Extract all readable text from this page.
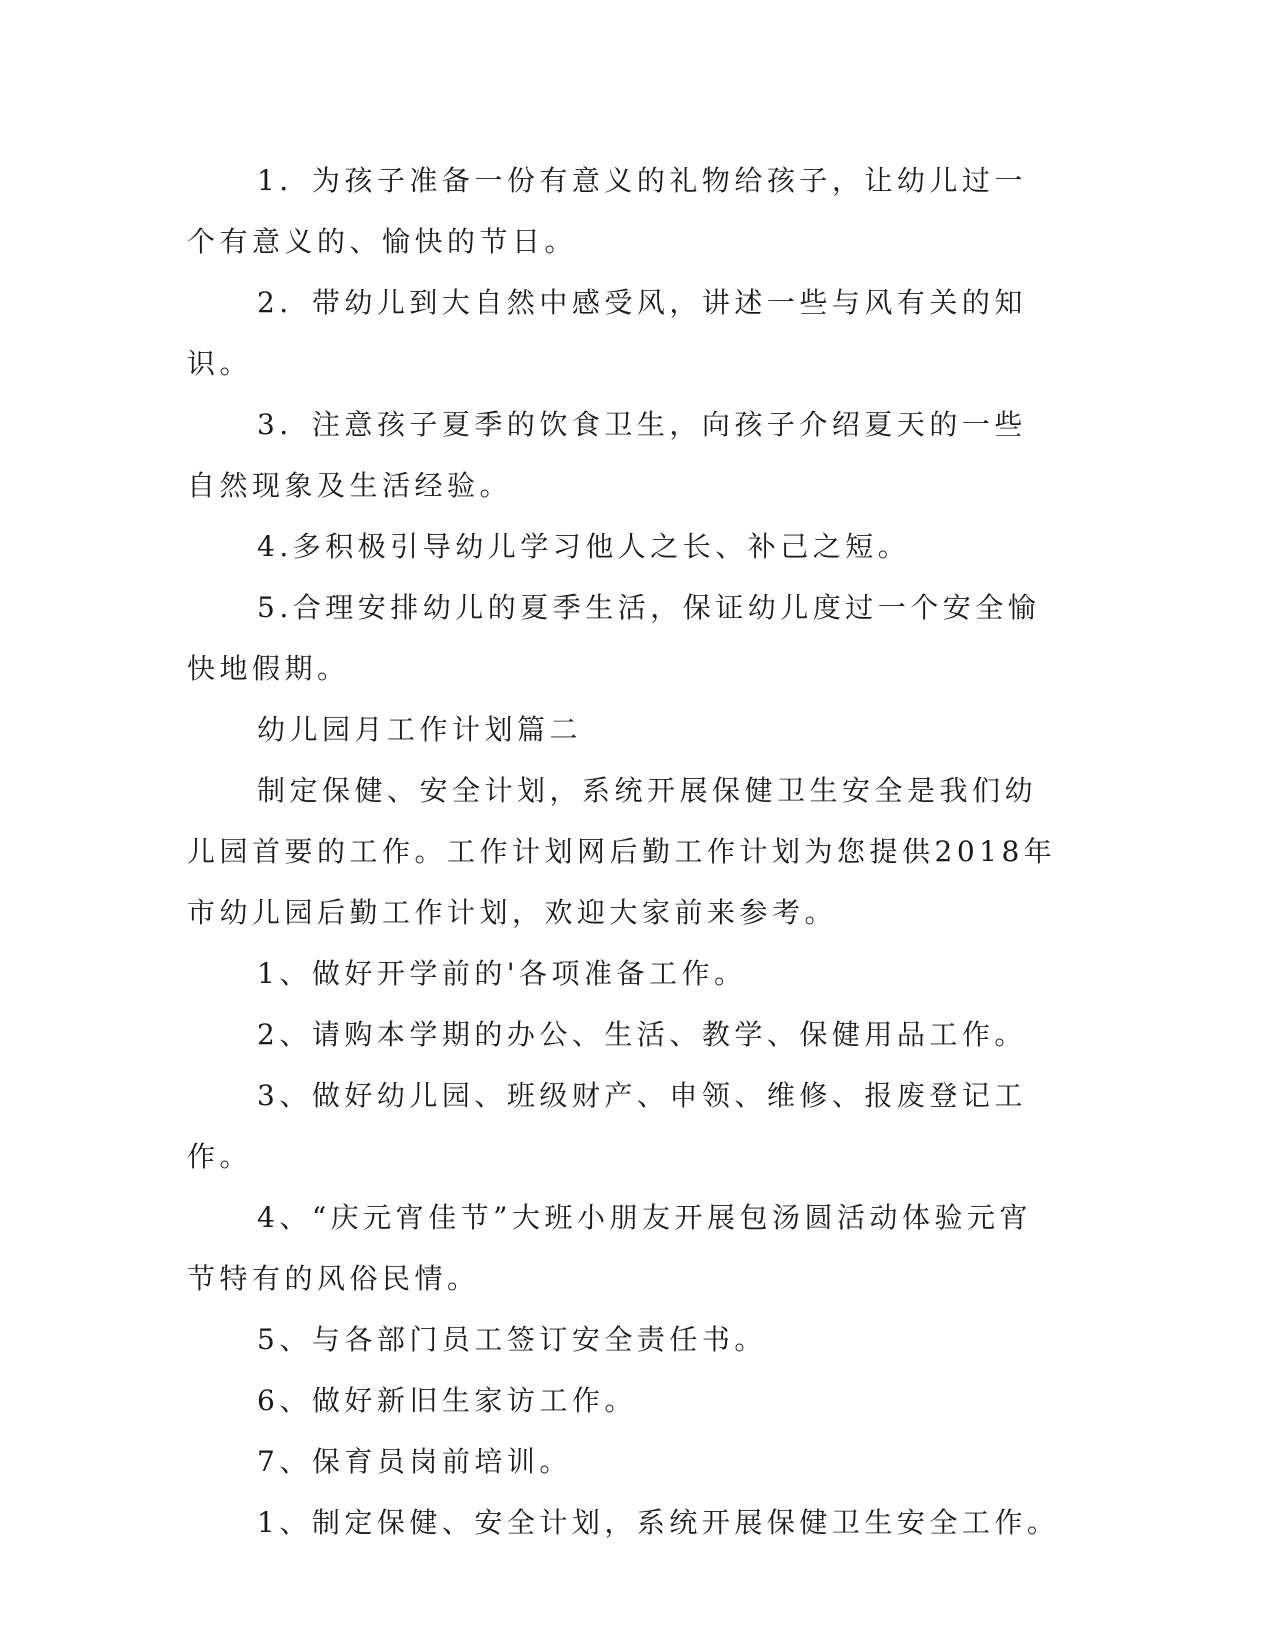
1．为孩子准备一份有意义的礼物给孩子，让幼儿过一个有意义的、愉快的节日。

2．带幼儿到大自然中感受风，讲述一些与风有关的知识。

3．注意孩子夏季的饮食卫生，向孩子介绍夏天的一些自然现象及生活经验。

4.多积极引导幼儿学习他人之长、补己之短。

5.合理安排幼儿的夏季生活，保证幼儿度过一个安全愉快地假期。

幼儿园月工作计划篇二

制定保健、安全计划，系统开展保健卫生安全是我们幼儿园首要的工作。工作计划网后勤工作计划为您提供2018年市幼儿园后勤工作计划，欢迎大家前来参考。

1、做好开学前的'各项准备工作。

2、请购本学期的办公、生活、教学、保健用品工作。

3、做好幼儿园、班级财产、申领、维修、报废登记工作。

4、“庆元宵佳节”大班小朋友开展包汤圆活动体验元宵节特有的风俗民情。

5、与各部门员工签订安全责任书。

6、做好新旧生家访工作。

7、保育员岗前培训。

1、制定保健、安全计划，系统开展保健卫生安全工作。
